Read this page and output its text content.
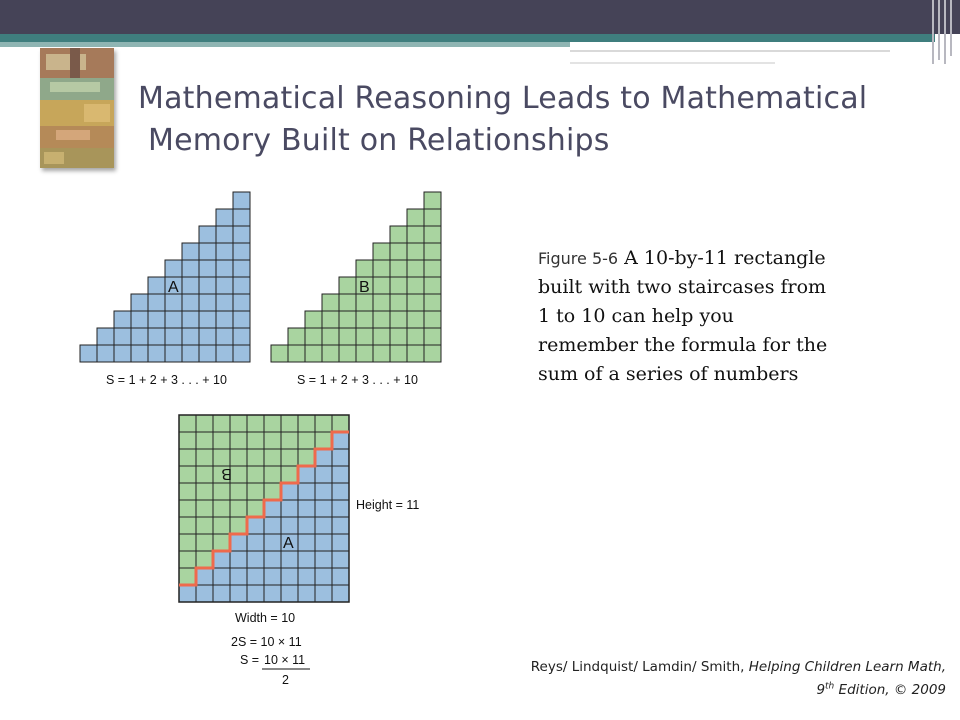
Mathematical Reasoning Leads to Mathematical
Memory Built on Relationships
A
S = 1 + 2 + 3 . . . + 10
B
S = 1 + 2 + 3 . . . + 10
B
A
Height = 11
Width = 10
2S = 10 × 11
S = 10 × 11
2
Figure 5-6 A 10-by-11 rectangle built with two staircases from 1 to 10 can help you remember the formula for the sum of a series of numbers
Reys/ Lindquist/ Lamdin/ Smith, Helping Children Learn Math,
9th Edition, © 2009
